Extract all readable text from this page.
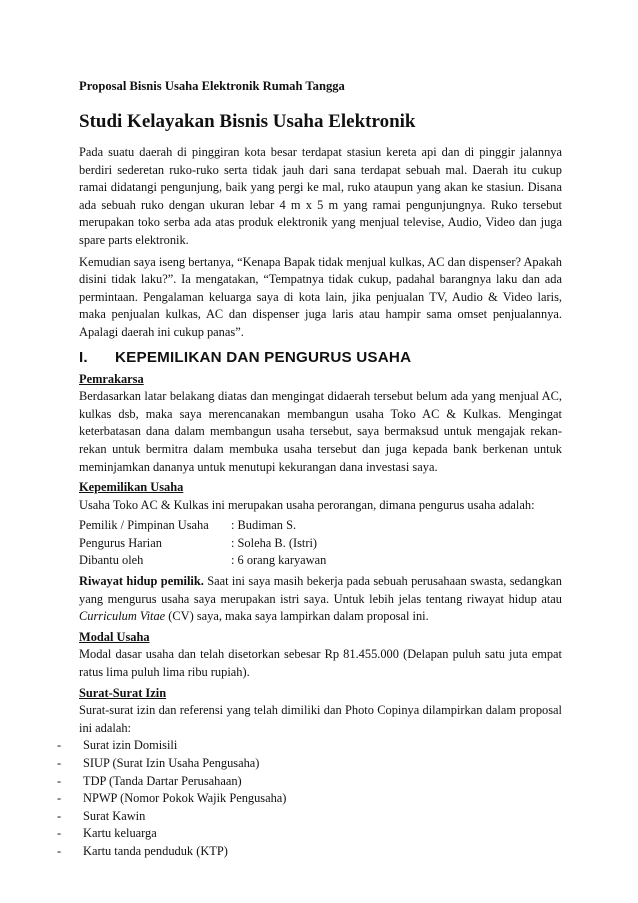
Proposal Bisnis Usaha Elektronik Rumah Tangga
Studi Kelayakan Bisnis Usaha Elektronik

Pada suatu daerah di pinggiran kota besar terdapat stasiun kereta api dan di pinggir jalannya berdiri sederetan ruko-ruko serta tidak jauh dari sana terdapat sebuah mal. Daerah itu cukup ramai didatangi pengunjung, baik yang pergi ke mal, ruko ataupun yang akan ke stasiun. Disana ada sebuah ruko dengan ukuran lebar 4 m x 5 m yang ramai pengunjungnya. Ruko tersebut merupakan toko serba ada atas produk elektronik yang menjual televise, Audio, Video dan juga spare parts elektronik.

Kemudian saya iseng bertanya, “Kenapa Bapak tidak menjual kulkas, AC dan dispenser? Apakah disini tidak laku?”. Ia mengatakan, “Tempatnya tidak cukup, padahal barangnya laku dan ada permintaan. Pengalaman keluarga saya di kota lain, jika penjualan TV, Audio & Video laris, maka penjualan kulkas, AC dan dispenser juga laris atau hampir sama omset penjualannya. Apalagi daerah ini cukup panas”.

I.	KEPEMILIKAN DAN PENGURUS USAHA
Pemrakarsa

Berdasarkan latar belakang diatas dan mengingat didaerah tersebut belum ada yang menjual AC, kulkas dsb, maka saya merencanakan membangun usaha Toko AC & Kulkas. Mengingat keterbatasan dana dalam membangun usaha tersebut, saya bermaksud untuk mengajak rekan-rekan untuk bermitra dalam membuka usaha tersebut dan juga kepada bank berkenan untuk meminjamkan dananya untuk menutupi kekurangan dana investasi saya.

Kepemilikan Usaha

Usaha Toko AC & Kulkas ini merupakan usaha perorangan, dimana pengurus usaha adalah:

Pemilik / Pimpinan Usaha	: Budiman S.
Pengurus Harian	: Soleha B. (Istri)
Dibantu oleh	: 6 orang karyawan

Riwayat hidup pemilik. Saat ini saya masih bekerja pada sebuah perusahaan swasta, sedangkan yang mengurus usaha saya merupakan istri saya. Untuk lebih jelas tentang riwayat hidup atau Curriculum Vitae (CV) saya, maka saya lampirkan dalam proposal ini.

Modal Usaha

Modal dasar usaha dan telah disetorkan sebesar Rp 81.455.000 (Delapan puluh satu juta empat ratus lima puluh lima ribu rupiah).

Surat-Surat Izin

Surat-surat izin dan referensi yang telah dimiliki dan Photo Copinya dilampirkan dalam proposal ini adalah:

- Surat izin Domisili
- SIUP (Surat Izin Usaha Pengusaha)
- TDP (Tanda Dartar Perusahaan)
- NPWP (Nomor Pokok Wajik Pengusaha)
- Surat Kawin
- Kartu keluarga
- Kartu tanda penduduk (KTP)
